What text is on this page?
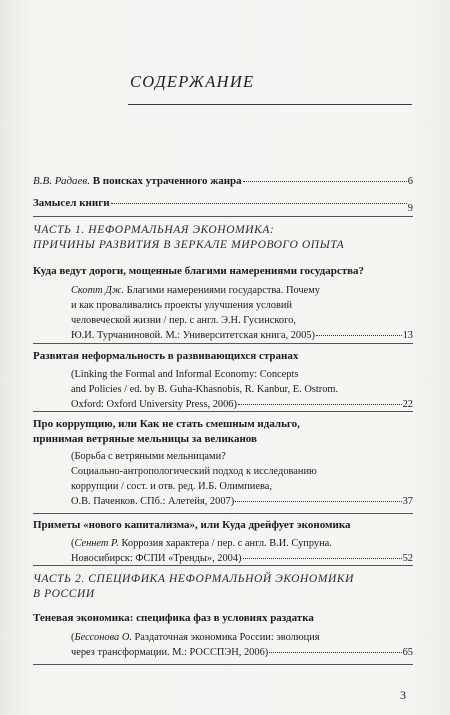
СОДЕРЖАНИЕ
В.В. Радаев. В поисках утраченного жанра	6
Замысел книги	9
ЧАСТЬ 1. НЕФОРМАЛЬНАЯ ЭКОНОМИКА:
ПРИЧИНЫ РАЗВИТИЯ В ЗЕРКАЛЕ МИРОВОГО ОПЫТА
Куда ведут дороги, мощенные благими намерениями государства?
Скотт Дж. Благими намерениями государства. Почему
и как проваливались проекты улучшения условий
человеческой жизни / пер. с англ. Э.Н. Гусинского,
Ю.И. Турчаниновой. М.: Университетская книга, 2005)	13
Развитая неформальность в развивающихся странах
(Linking the Formal and Informal Economy: Concepts
and Policies / ed. by B. Guha-Khasnobis, R. Kanbur, E. Ostrom.
Oxford: Oxford University Press, 2006)	22
Про коррупцию, или Как не стать смешным идальго,
принимая ветряные мельницы за великанов
(Борьба с ветряными мельницами?
Социально-антропологический подход к исследованию
коррупции / сост. и отв. ред. И.Б. Олимпиева,
О.В. Паченков. СПб.: Алетейя, 2007)	37
Приметы «нового капитализма», или Куда дрейфует экономика
(Сеннет Р. Коррозия характера / пер. с англ. В.И. Супруна.
Новосибирск: ФСПИ «Тренды», 2004)	52
ЧАСТЬ 2. СПЕЦИФИКА НЕФОРМАЛЬНОЙ ЭКОНОМИКИ
В РОССИИ
Теневая экономика: специфика фаз в условиях раздатка
(Бессонова О. Раздаточная экономика России: эволюция
через трансформации. М.: РОССПЭН, 2006)	65
3
